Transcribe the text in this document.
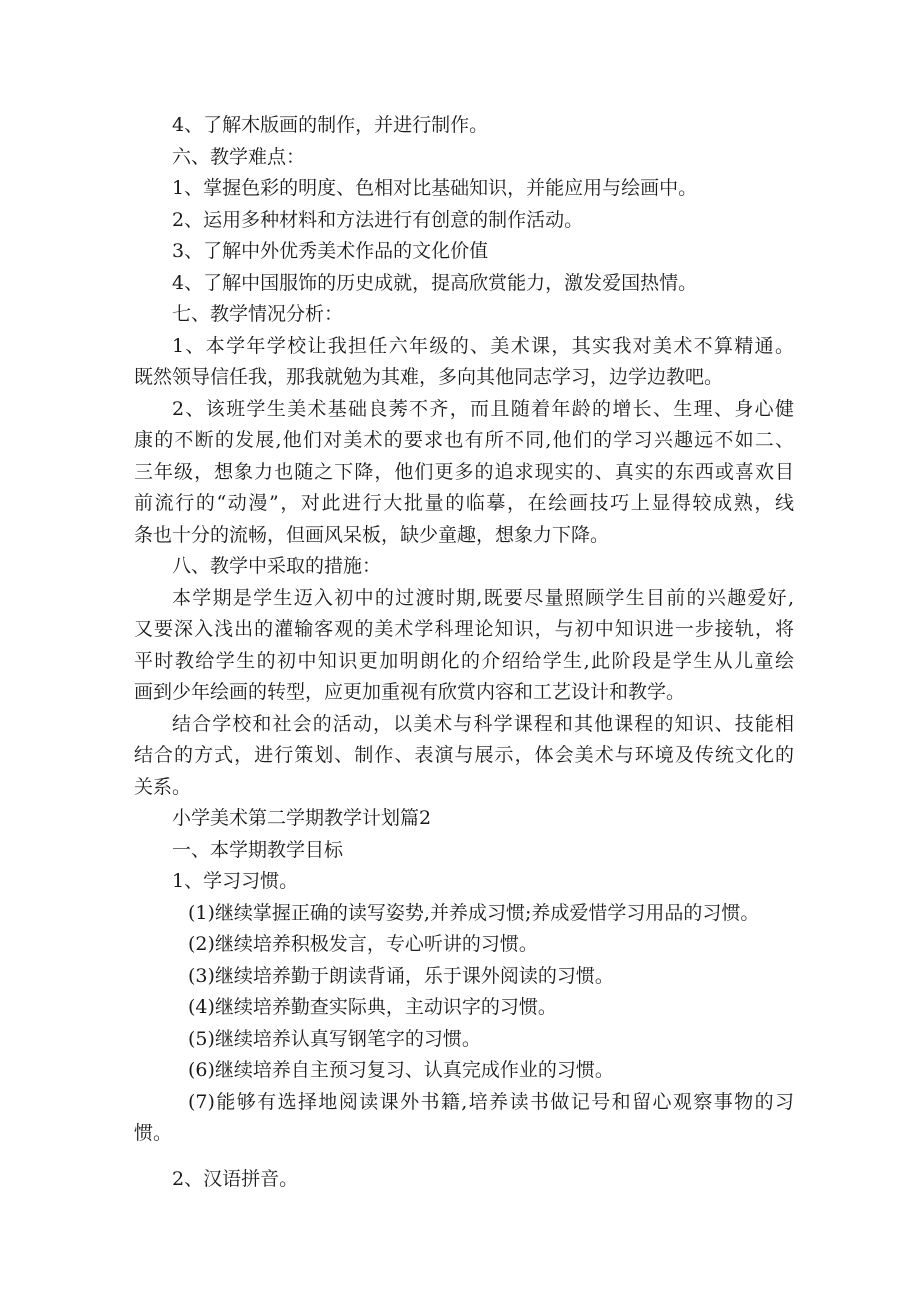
4、了解木版画的制作，并进行制作。
六、教学难点：
1、掌握色彩的明度、色相对比基础知识，并能应用与绘画中。
2、运用多种材料和方法进行有创意的制作活动。
3、了解中外优秀美术作品的文化价值
4、了解中国服饰的历史成就，提高欣赏能力，激发爱国热情。
七、教学情况分析：
1、本学年学校让我担任六年级的、美术课，其实我对美术不算精通。
既然领导信任我，那我就勉为其难，多向其他同志学习，边学边教吧。
2、该班学生美术基础良莠不齐，而且随着年龄的增长、生理、身心健
康的不断的发展,他们对美术的要求也有所不同,他们的学习兴趣远不如二、
三年级，想象力也随之下降，他们更多的追求现实的、真实的东西或喜欢目
前流行的“动漫”，对此进行大批量的临摹，在绘画技巧上显得较成熟，线
条也十分的流畅，但画风呆板，缺少童趣，想象力下降。
八、教学中采取的措施：
本学期是学生迈入初中的过渡时期,既要尽量照顾学生目前的兴趣爱好,
又要深入浅出的灌输客观的美术学科理论知识，与初中知识进一步接轨，将
平时教给学生的初中知识更加明朗化的介绍给学生,此阶段是学生从儿童绘
画到少年绘画的转型，应更加重视有欣赏内容和工艺设计和教学。
结合学校和社会的活动，以美术与科学课程和其他课程的知识、技能相
结合的方式，进行策划、制作、表演与展示，体会美术与环境及传统文化的
关系。
小学美术第二学期教学计划篇2
一、本学期教学目标
1、学习习惯。
(1)继续掌握正确的读写姿势,并养成习惯;养成爱惜学习用品的习惯。
(2)继续培养积极发言，专心听讲的习惯。
(3)继续培养勤于朗读背诵，乐于课外阅读的习惯。
(4)继续培养勤查实际典，主动识字的习惯。
(5)继续培养认真写钢笔字的习惯。
(6)继续培养自主预习复习、认真完成作业的习惯。
(7)能够有选择地阅读课外书籍,培养读书做记号和留心观察事物的习
惯。
2、汉语拼音。
